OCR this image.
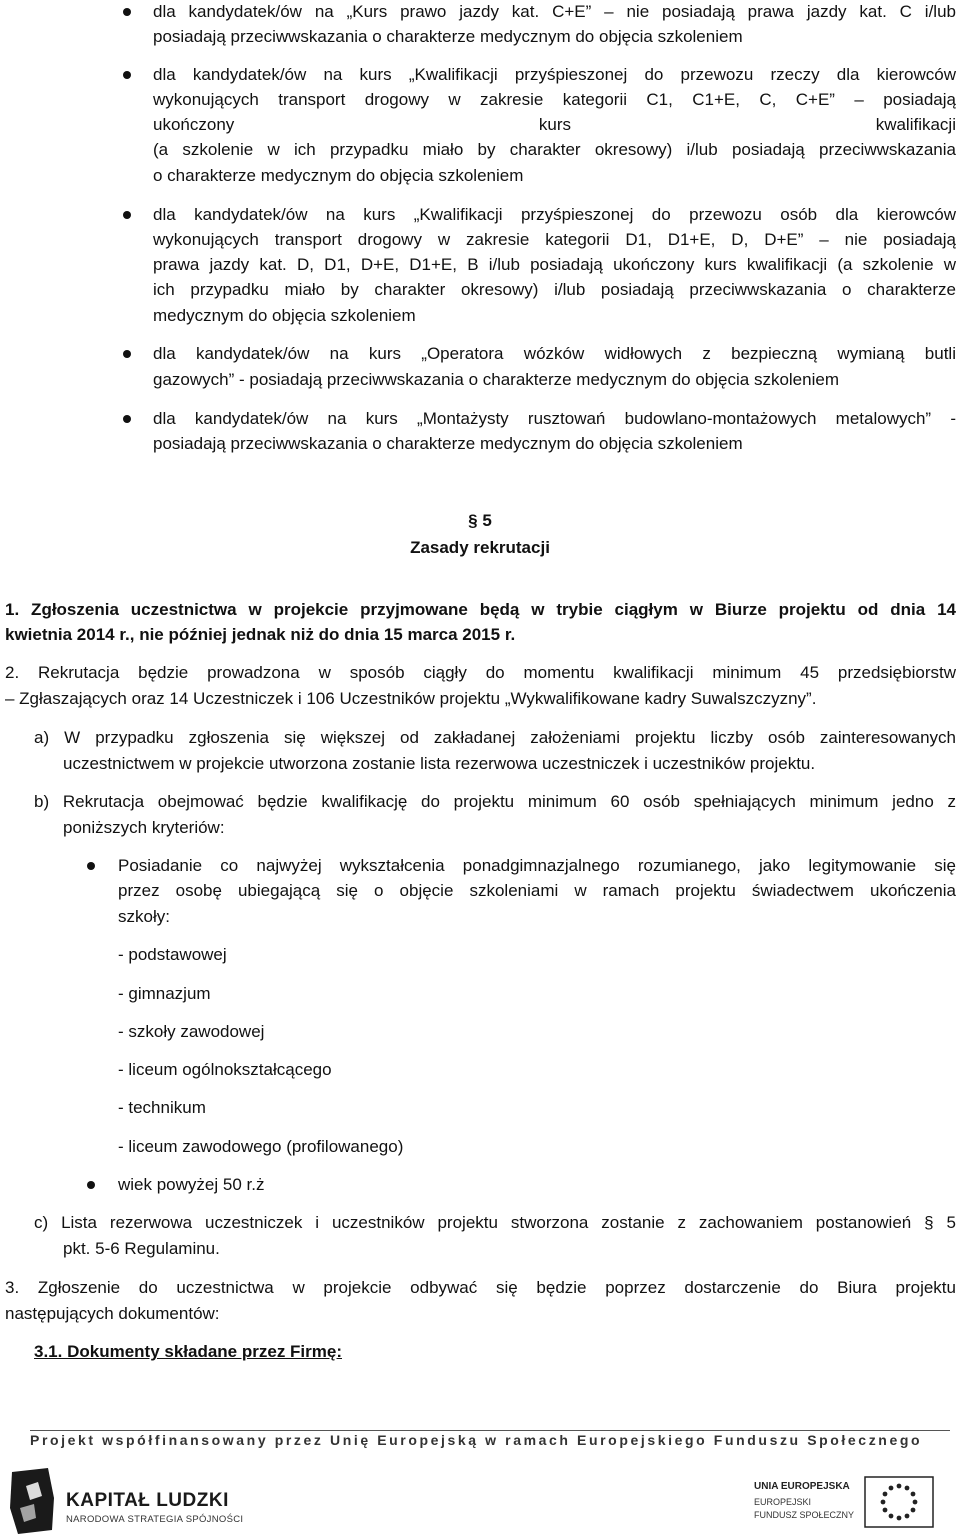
dla kandydatek/ów na „Kurs prawo jazdy kat. C+E” – nie posiadają prawa jazdy kat. C i/lub
posiadają przeciwwskazania o charakterze medycznym do objęcia szkoleniem
dla kandydatek/ów na kurs „Kwalifikacji przyśpieszonej do przewozu rzeczy dla kierowców
wykonujących transport drogowy w zakresie kategorii C1, C1+E, C, C+E” – posiadają
ukończony kurs kwalifikacji
(a szkolenie w ich przypadku miało by charakter okresowy) i/lub posiadają przeciwwskazania
o charakterze medycznym do objęcia szkoleniem
dla kandydatek/ów na kurs „Kwalifikacji przyśpieszonej do przewozu osób dla kierowców
wykonujących transport drogowy w zakresie kategorii D1, D1+E, D, D+E” – nie posiadają
prawa jazdy kat. D, D1, D+E, D1+E, B i/lub posiadają ukończony kurs kwalifikacji (a szkolenie w
ich przypadku miało by charakter okresowy) i/lub posiadają przeciwwskazania o charakterze
medycznym do objęcia szkoleniem
dla kandydatek/ów na kurs „Operatora wózków widłowych z bezpieczną wymianą butli
gazowych” - posiadają przeciwwskazania o charakterze medycznym do objęcia szkoleniem
dla kandydatek/ów na kurs „Montażysty rusztowań budowlano-montażowych metalowych” -
posiadają przeciwwskazania o charakterze medycznym do objęcia szkoleniem
§ 5
Zasady rekrutacji
1. Zgłoszenia uczestnictwa w projekcie przyjmowane będą w trybie ciągłym w Biurze projektu od dnia 14
kwietnia 2014 r., nie później jednak niż do dnia 15 marca 2015 r.
2. Rekrutacja będzie prowadzona w sposób ciągły do momentu kwalifikacji minimum 45 przedsiębiorstw
– Zgłaszających oraz 14 Uczestniczek i 106 Uczestników projektu „Wykwalifikowane kadry Suwalszczyzny”.
a) W przypadku zgłoszenia się większej od zakładanej założeniami projektu liczby osób zainteresowanych
uczestnictwem w projekcie utworzona zostanie lista rezerwowa uczestniczek i uczestników projektu.
b) Rekrutacja obejmować będzie kwalifikację do projektu minimum 60 osób spełniających minimum jedno z
poniższych kryteriów:
Posiadanie co najwyżej wykształcenia ponadgimnazjalnego rozumianego, jako legitymowanie się
przez osobę ubiegającą się o objęcie szkoleniami w ramach projektu świadectwem ukończenia
szkoły:
- podstawowej
- gimnazjum
- szkoły zawodowej
- liceum ogólnokształcącego
- technikum
- liceum zawodowego (profilowanego)
wiek powyżej 50 r.ż
c) Lista rezerwowa uczestniczek i uczestników projektu stworzona zostanie z zachowaniem postanowień § 5
pkt. 5-6 Regulaminu.
3. Zgłoszenie do uczestnictwa w projekcie odbywać się będzie poprzez dostarczenie do Biura projektu
następujących dokumentów:
3.1. Dokumenty składane przez Firmę:
Projekt współfinansowany przez Unię Europejską w ramach Europejskiego Funduszu Społecznego
KAPITAŁ LUDZKI
NARODOWA STRATEGIA SPÓJNOŚCI
UNIA EUROPEJSKA
EUROPEJSKI
FUNDUSZ SPOŁECZNY
